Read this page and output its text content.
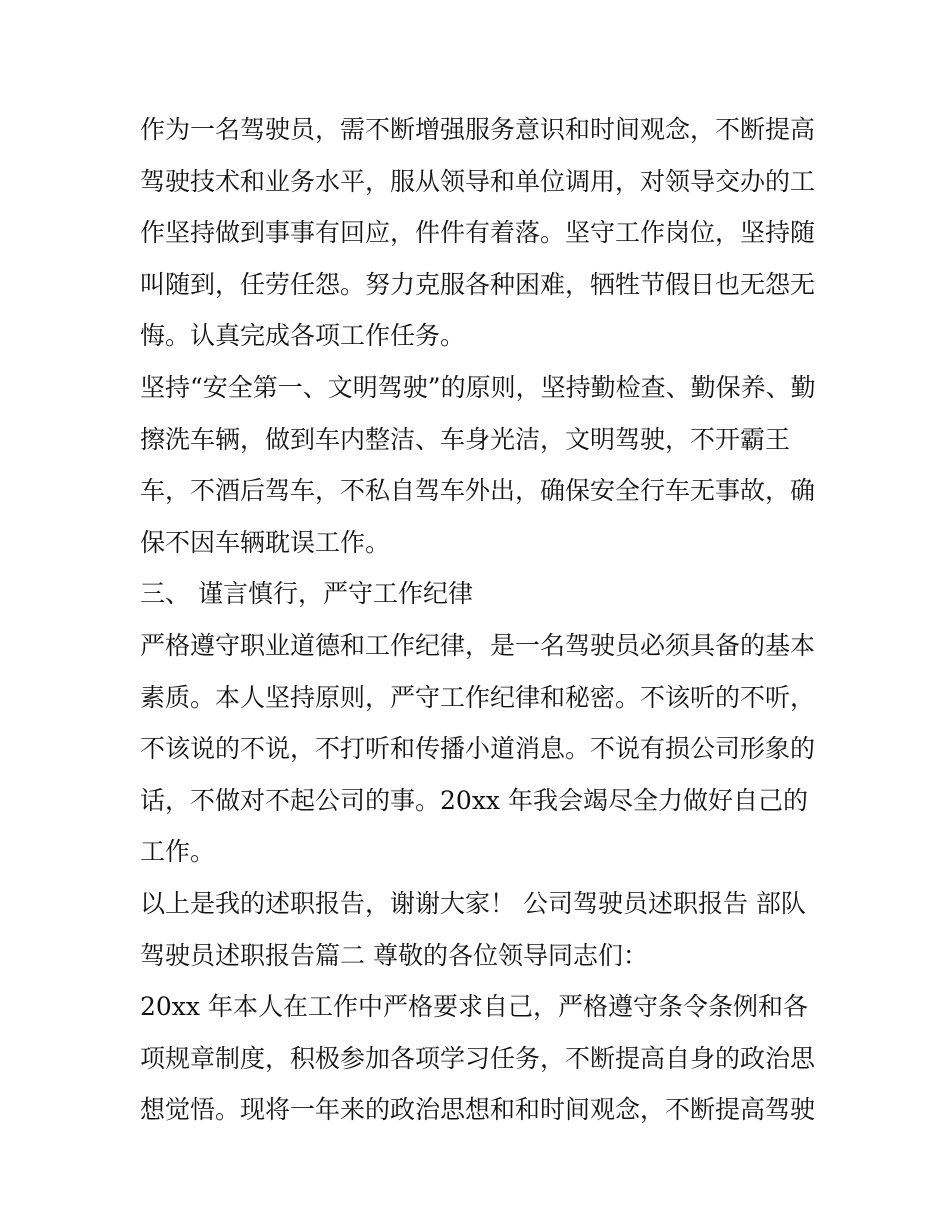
作为一名驾驶员，需不断增强服务意识和时间观念，不断提高
驾驶技术和业务水平，服从领导和单位调用，对领导交办的工
作坚持做到事事有回应，件件有着落。坚守工作岗位，坚持随
叫随到，任劳任怨。努力克服各种困难，牺牲节假日也无怨无
悔。认真完成各项工作任务。
坚持“安全第一、文明驾驶”的原则，坚持勤检查、勤保养、勤
擦洗车辆，做到车内整洁、车身光洁，文明驾驶，不开霸王
车，不酒后驾车，不私自驾车外出，确保安全行车无事故，确
保不因车辆耽误工作。
三、 谨言慎行，严守工作纪律
严格遵守职业道德和工作纪律，是一名驾驶员必须具备的基本
素质。本人坚持原则，严守工作纪律和秘密。不该听的不听，
不该说的不说，不打听和传播小道消息。不说有损公司形象的
话，不做对不起公司的事。20xx 年我会竭尽全力做好自己的
工作。
以上是我的述职报告，谢谢大家！ 公司驾驶员述职报告 部队
驾驶员述职报告篇二 尊敬的各位领导同志们：
20xx 年本人在工作中严格要求自己，严格遵守条令条例和各
项规章制度，积极参加各项学习任务，不断提高自身的政治思
想觉悟。现将一年来的政治思想和和时间观念，不断提高驾驶
